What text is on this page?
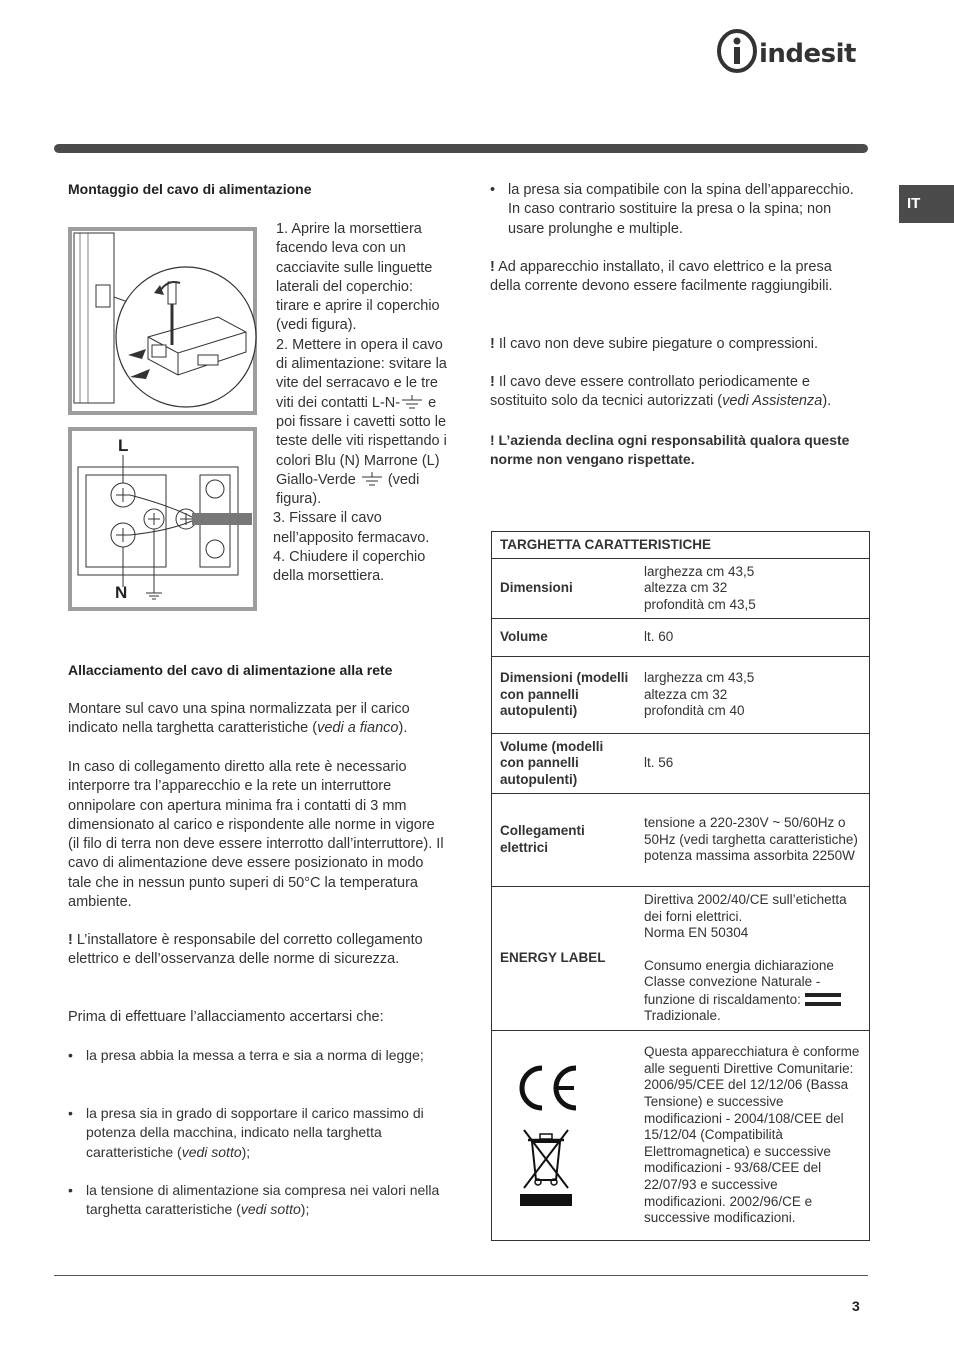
indesit
IT
Montaggio del cavo di alimentazione
L
N
1. Aprire la morsettiera facendo leva con un cacciavite sulle linguette laterali del coperchio: tirare e aprire il coperchio (vedi figura).
2. Mettere in opera il cavo di alimentazione: svitare la vite del serracavo e le tre viti dei contatti L-N- e poi fissare i cavetti sotto le teste delle viti rispettando i colori Blu (N) Marrone (L) Giallo-Verde  (vedi figura).
3. Fissare il cavo nell’apposito fermacavo.
4. Chiudere il coperchio della morsettiera.
Allacciamento del cavo di alimentazione alla rete

Montare sul cavo una spina normalizzata per il carico indicato nella targhetta caratteristiche (vedi a fianco).

In caso di collegamento diretto alla rete è necessario interporre tra l’apparecchio e la rete un interruttore onnipolare con apertura minima fra i contatti di 3 mm dimensionato al carico e rispondente alle norme in vigore (il filo di terra non deve essere interrotto dall’interruttore). Il cavo di alimentazione deve essere posizionato in modo tale che in nessun punto superi di 50°C la temperatura ambiente.

! L’installatore è responsabile del corretto collegamento elettrico e dell’osservanza delle norme di sicurezza.

Prima di effettuare l’allacciamento accertarsi che:

• la presa abbia la messa a terra e sia a norma di legge;
• la presa sia in grado di sopportare il carico massimo di potenza della macchina, indicato nella targhetta caratteristiche (vedi sotto);
• la tensione di alimentazione sia compresa nei valori nella targhetta caratteristiche (vedi sotto);
• la presa sia compatibile con la spina dell’apparecchio. In caso contrario sostituire la presa o la spina; non usare prolunghe e multiple.

! Ad apparecchio installato, il cavo elettrico e la presa della corrente devono essere facilmente raggiungibili.

! Il cavo non deve subire piegature o compressioni.

! Il cavo deve essere controllato periodicamente e sostituito solo da tecnici autorizzati (vedi Assistenza).

! L’azienda declina ogni responsabilità qualora queste norme non vengano rispettate.

TARGHETTA CARATTERISTICHE	
Dimensioni	larghezza cm 43,5
altezza cm 32
profondità cm 43,5

Volume	lt. 60
Dimensioni (modelli con pannelli autopulenti)	larghezza cm 43,5
altezza cm 32
profondità cm 40

Volume (modelli con pannelli autopulenti)	lt. 56
Collegamenti elettrici	tensione a 220-230V ~ 50/60Hz o 50Hz (vedi targhetta caratteristiche)
potenza massima assorbita 2250W

ENERGY LABEL	Direttiva 2002/40/CE sull’etichetta dei forni elettrici.
Norma EN 50304
Consumo energia dichiarazione Classe convezione Naturale - funzione di riscaldamento:  Tradizionale.

	Questa apparecchiatura è conforme alle seguenti Direttive Comunitarie: 2006/95/CEE del 12/12/06 (Bassa Tensione) e successive modificazioni - 2004/108/CEE del 15/12/04 (Compatibilità Elettromagnetica) e successive modificazioni - 93/68/CEE del 22/07/93 e successive modificazioni. 2002/96/CE e successive modificazioni.
3
